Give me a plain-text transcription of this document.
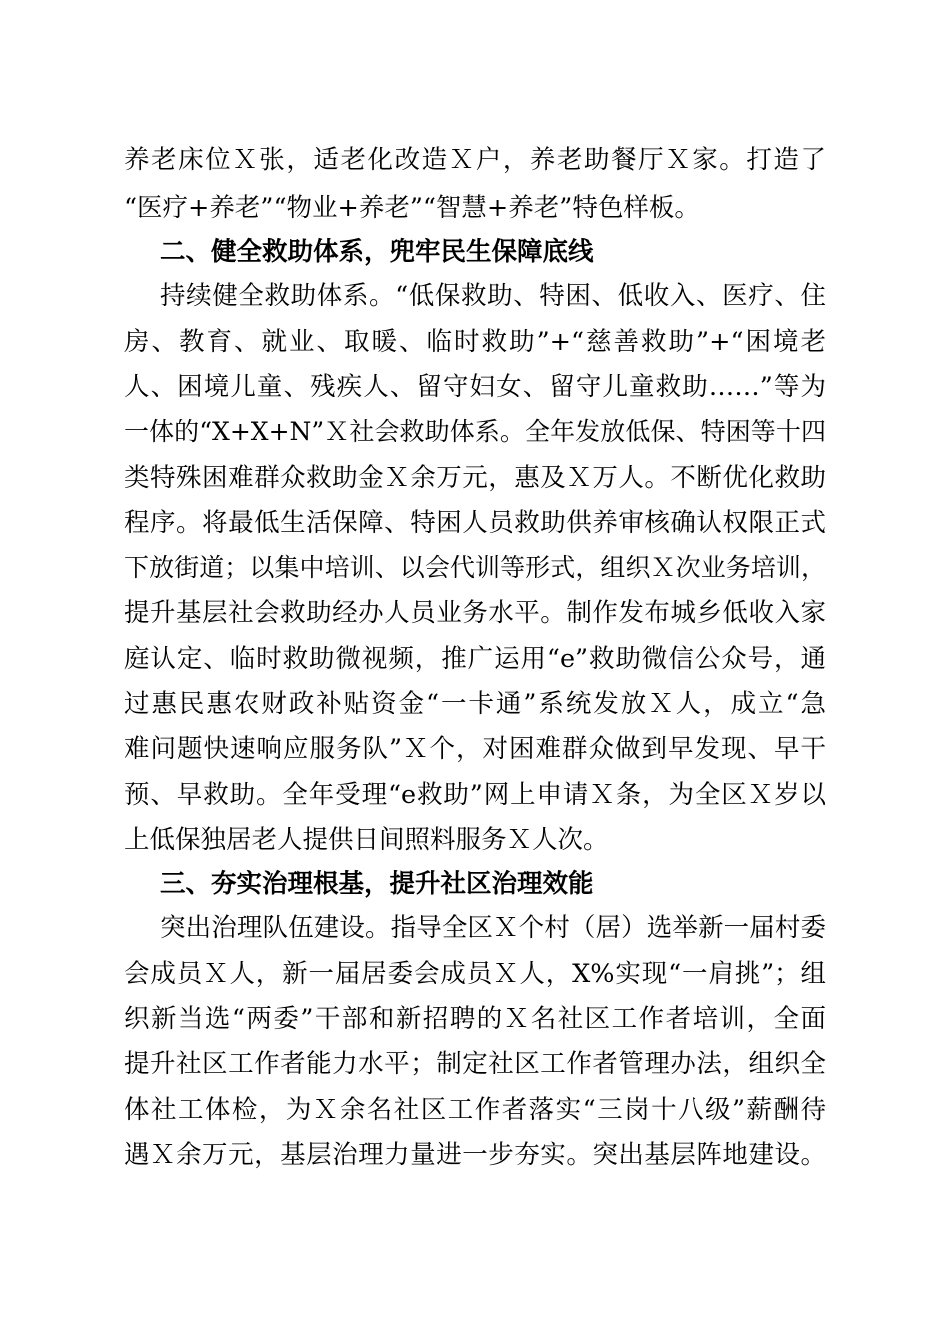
养老床位Ｘ张，适老化改造Ｘ户，养老助餐厅Ｘ家。打造了
“医疗+养老”“物业+养老”“智慧+养老”特色样板。
二、健全救助体系，兜牢民生保障底线
持续健全救助体系。“低保救助、特困、低收入、医疗、住
房、教育、就业、取暖、临时救助”+“慈善救助”+“困境老
人、困境儿童、残疾人、留守妇女、留守儿童救助……”等为
一体的“X+X+N”Ｘ社会救助体系。全年发放低保、特困等十四
类特殊困难群众救助金Ｘ余万元，惠及Ｘ万人。不断优化救助
程序。将最低生活保障、特困人员救助供养审核确认权限正式
下放街道；以集中培训、以会代训等形式，组织Ｘ次业务培训，
提升基层社会救助经办人员业务水平。制作发布城乡低收入家
庭认定、临时救助微视频，推广运用“e”救助微信公众号，通
过惠民惠农财政补贴资金“一卡通”系统发放Ｘ人，成立“急
难问题快速响应服务队”Ｘ个，对困难群众做到早发现、早干
预、早救助。全年受理“e救助”网上申请Ｘ条，为全区Ｘ岁以
上低保独居老人提供日间照料服务Ｘ人次。
三、夯实治理根基，提升社区治理效能
突出治理队伍建设。指导全区Ｘ个村（居）选举新一届村委
会成员Ｘ人，新一届居委会成员Ｘ人，X%实现“一肩挑”；组
织新当选“两委”干部和新招聘的Ｘ名社区工作者培训，全面
提升社区工作者能力水平；制定社区工作者管理办法，组织全
体社工体检，为Ｘ余名社区工作者落实“三岗十八级”薪酬待
遇Ｘ余万元，基层治理力量进一步夯实。突出基层阵地建设。
